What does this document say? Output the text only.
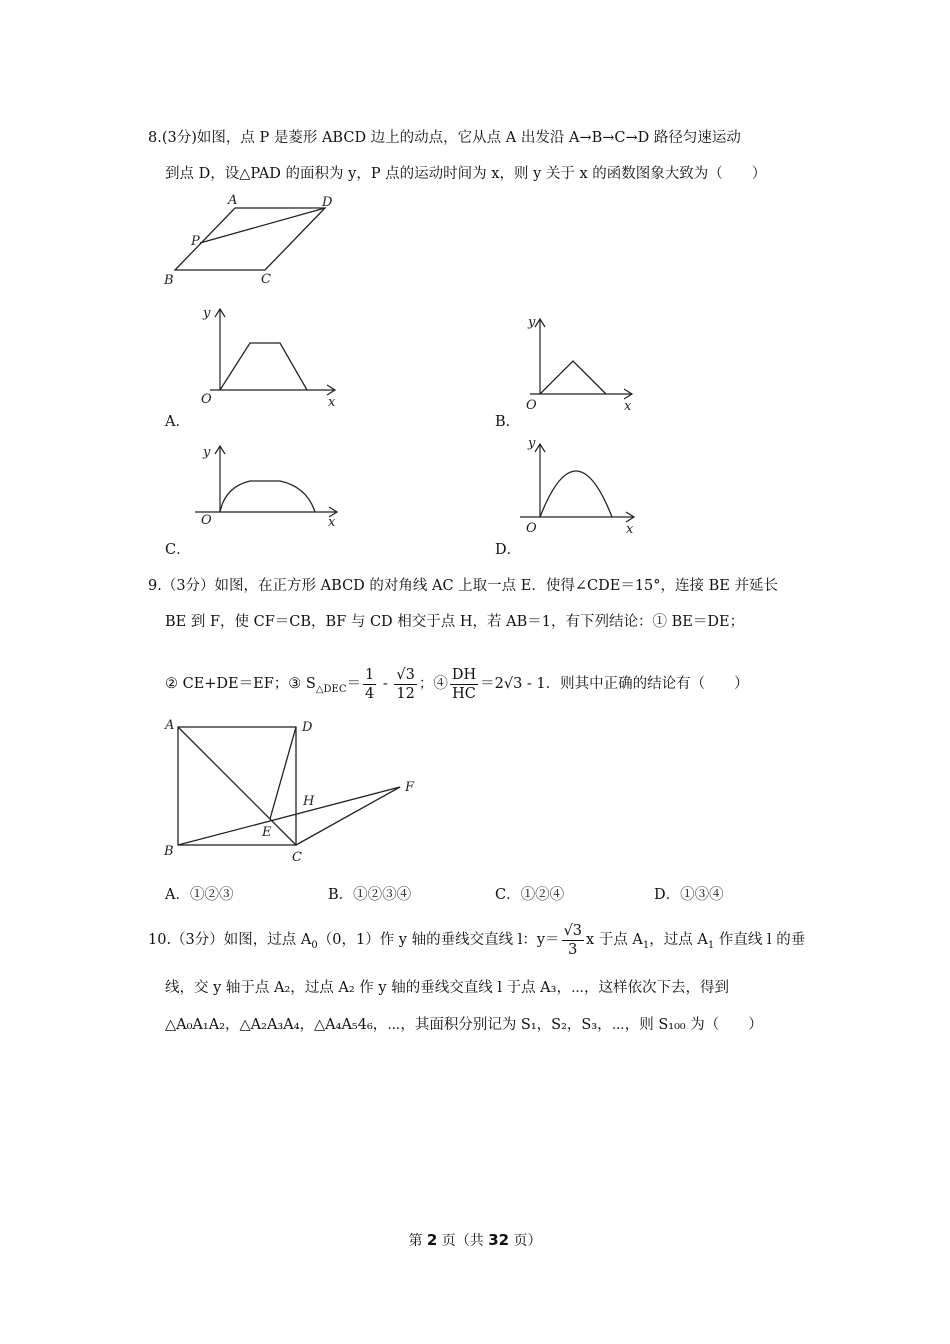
8.(3分)如图，点 P 是菱形 ABCD 边上的动点，它从点 A 出发沿 A→B→C→D 路径匀速运动
到点 D，设△PAD 的面积为 y，P 点的运动时间为 x，则 y 关于 x 的函数图象大致为（　　）
A	D
P
B	C
y
O	x
A．
y
O	x
B．
y
O	x
C．
y
O	x
D．
9.（3分）如图，在正方形 ABCD 的对角线 AC 上取一点 E．使得∠CDE＝15°，连接 BE 并延长
BE 到 F，使 CF＝CB，BF 与 CD 相交于点 H，若 AB＝1，有下列结论：① BE＝DE；
② CE+DE＝EF；③ $S_{\triangle DEC}= \frac{1}{4} - \frac{√3}{12}$ ；④ $\frac{DH}{HC} =2√3 - 1$．则其中正确的结论有（　　）
A	D
H
F
E
B	C
A．①②③	B．①②③④	C．①②④	D．①③④
10.（3分）如图，过点 $A_0(0$，1）作 y 轴的垂线交直线 l：$y= \frac{√3}{3}$ x 于点 $A_1$，过点 $A_1$ 作直线 l 的垂
线，交 y 轴于点 A₂，过点 A₂ 作 y 轴的垂线交直线 l 于点 A₃，⋯，这样依次下去，得到
△A₀A₁A₂，△A₂A₃A₄，△A₄A₅4₆，⋯，其面积分别记为 S₁，S₂，S₃，⋯，则 S₁₀₀ 为（　　）
第 2 页（共 32 页）
